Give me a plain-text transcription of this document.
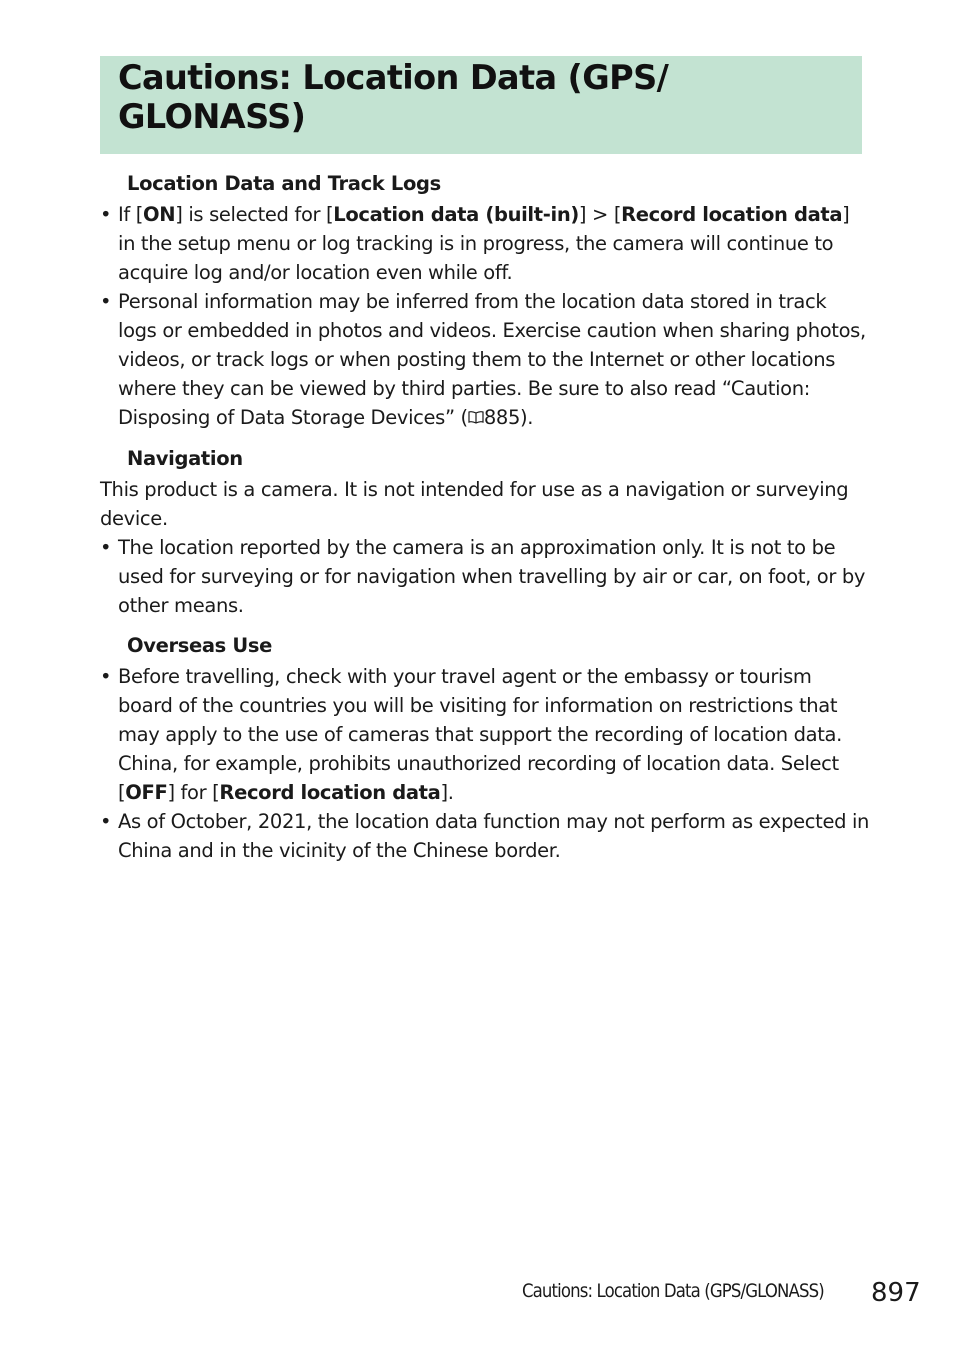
Cautions: Location Data (GPS/ GLONASS)
Location Data and Track Logs
• If [ON] is selected for [Location data (built-in)] > [Record location data] in the setup menu or log tracking is in progress, the camera will continue to acquire log and/or location even while off.
• Personal information may be inferred from the location data stored in track logs or embedded in photos and videos. Exercise caution when sharing photos, videos, or track logs or when posting them to the Internet or other locations where they can be viewed by third parties. Be sure to also read “Caution: Disposing of Data Storage Devices” ( 885).
Navigation

This product is a camera. It is not intended for use as a navigation or surveying device.

• The location reported by the camera is an approximation only. It is not to be used for surveying or for navigation when travelling by air or car, on foot, or by other means.
Overseas Use
• Before travelling, check with your travel agent or the embassy or tourism board of the countries you will be visiting for information on restrictions that may apply to the use of cameras that support the recording of location data. China, for example, prohibits unauthorized recording of location data. Select [OFF] for [Record location data].
• As of October, 2021, the location data function may not perform as expected in China and in the vicinity of the Chinese border.
Cautions: Location Data (GPS/GLONASS) 897
